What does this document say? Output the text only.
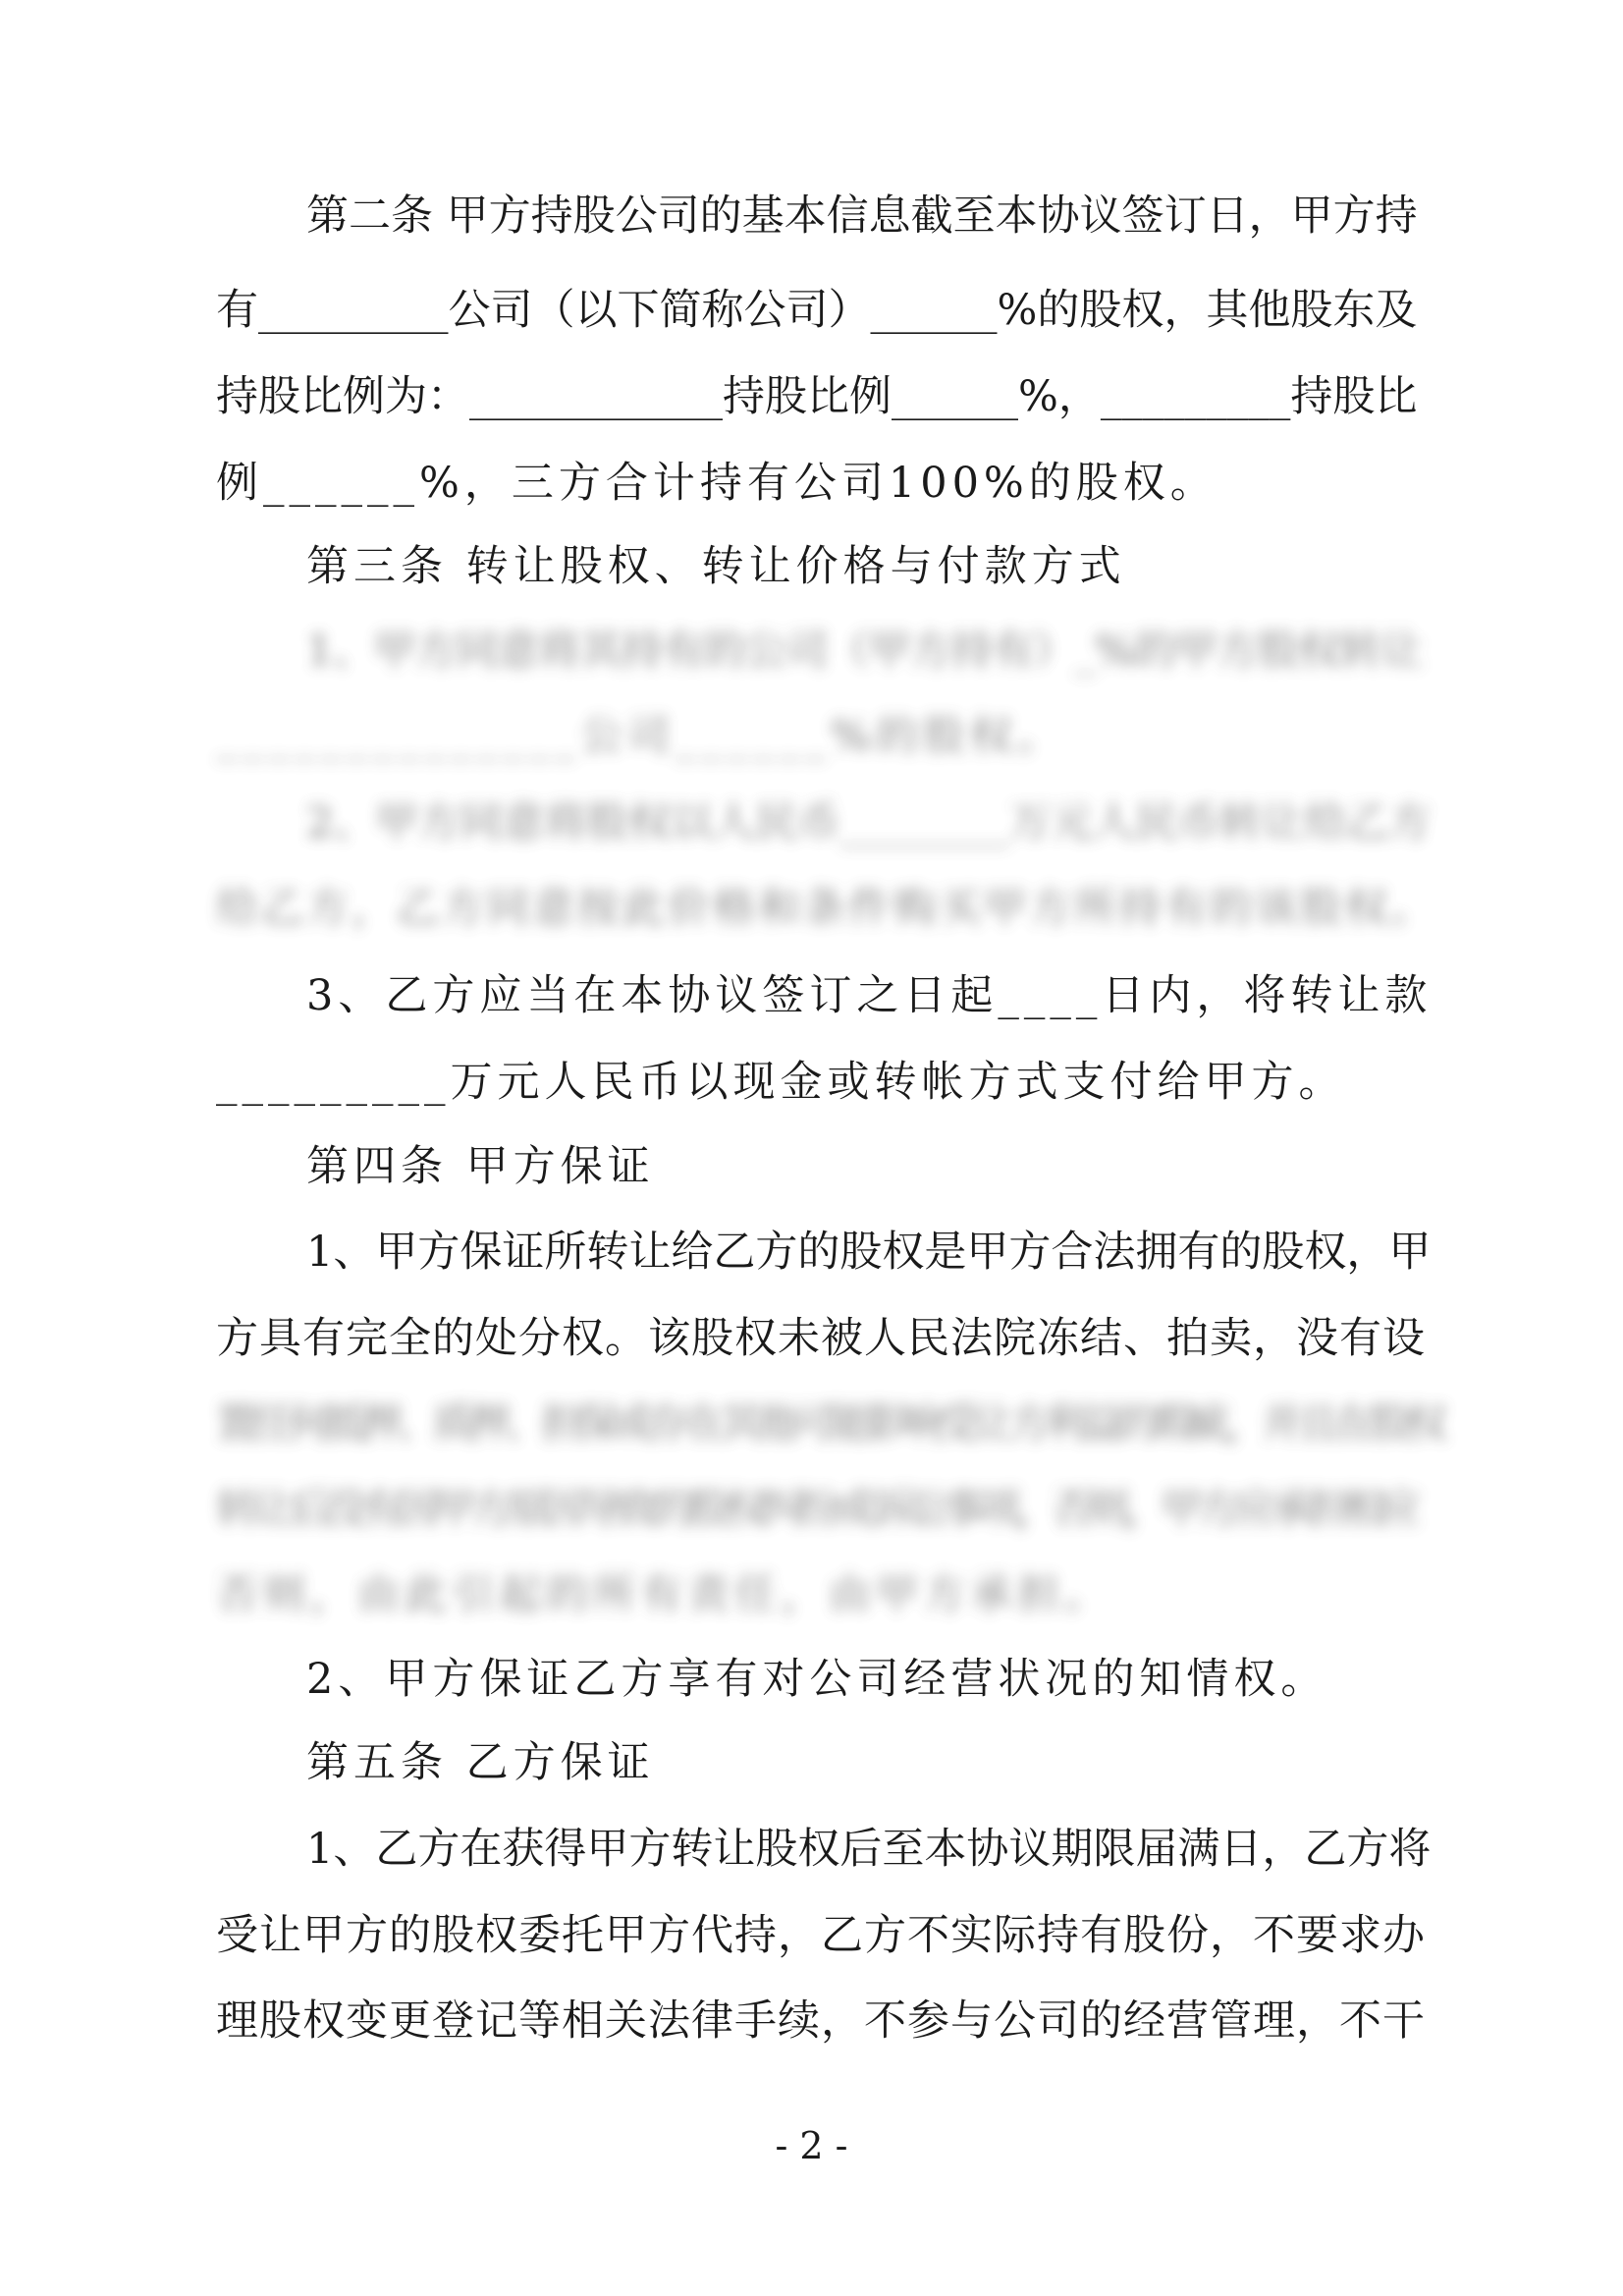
第二条 甲方持股公司的基本信息截至本协议签订日，甲方持
有_________公司（以下简称公司）______%的股权，其他股东及
持股比例为：____________持股比例______%，_________持股比
例______%，三方合计持有公司100%的股权。
第三条 转让股权、转让价格与付款方式
1、甲方同意将其持有的公司（甲方持有）_%的甲方股权转让
______________公司______%的股权。
2、甲方同意将股权以人民币________万元人民币转让给乙方
给乙方，乙方同意按此价格和条件购买甲方所持有的该股权。
3、乙方应当在本协议签订之日起____日内，将转让款
_________万元人民币以现金或转帐方式支付给甲方。
第四条 甲方保证
1、甲方保证所转让给乙方的股权是甲方合法拥有的股权，甲
方具有完全的处分权。该股权未被人民法院冻结、拍卖，没有设
置任何抵押、质押、担保或存在其他可能影响受让方利益的瑕疵，并且在股权
转让后没有因甲方原因导致的股权纠纷或诉讼事项，否则，甲方应承担相应
否则，由此引起的所有责任，由甲方承担。
2、甲方保证乙方享有对公司经营状况的知情权。
第五条 乙方保证
1、乙方在获得甲方转让股权后至本协议期限届满日，乙方将
受让甲方的股权委托甲方代持，乙方不实际持有股份，不要求办
理股权变更登记等相关法律手续，不参与公司的经营管理，不干
- 2 -
